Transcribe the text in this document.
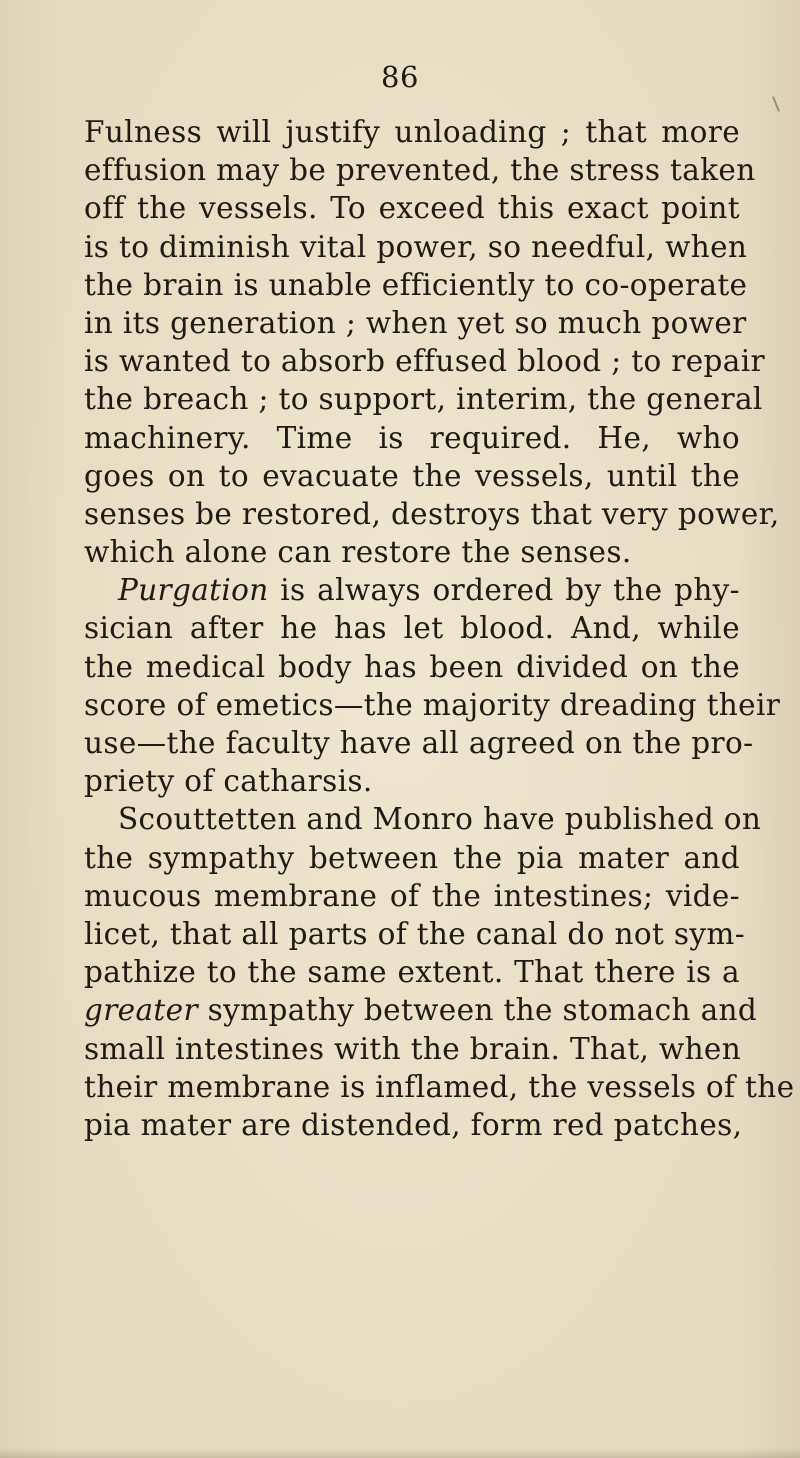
86
Fulness will justify unloading ; that more
effusion may be prevented, the stress taken
off the vessels. To exceed this exact point
is to diminish vital power, so needful, when
the brain is unable efficiently to co-operate
in its generation ; when yet so much power
is wanted to absorb effused blood ; to repair
the breach ; to support, interim, the general
machinery. Time is required. He, who
goes on to evacuate the vessels, until the
senses be restored, destroys that very power,
which alone can restore the senses.
Purgation is always ordered by the phy-
sician after he has let blood. And, while
the medical body has been divided on the
score of emetics—the majority dreading their
use—the faculty have all agreed on the pro-
priety of catharsis.
Scouttetten and Monro have published on
the sympathy between the pia mater and
mucous membrane of the intestines; vide-
licet, that all parts of the canal do not sym-
pathize to the same extent. That there is a
greater sympathy between the stomach and
small intestines with the brain. That, when
their membrane is inflamed, the vessels of the
pia mater are distended, form red patches,
